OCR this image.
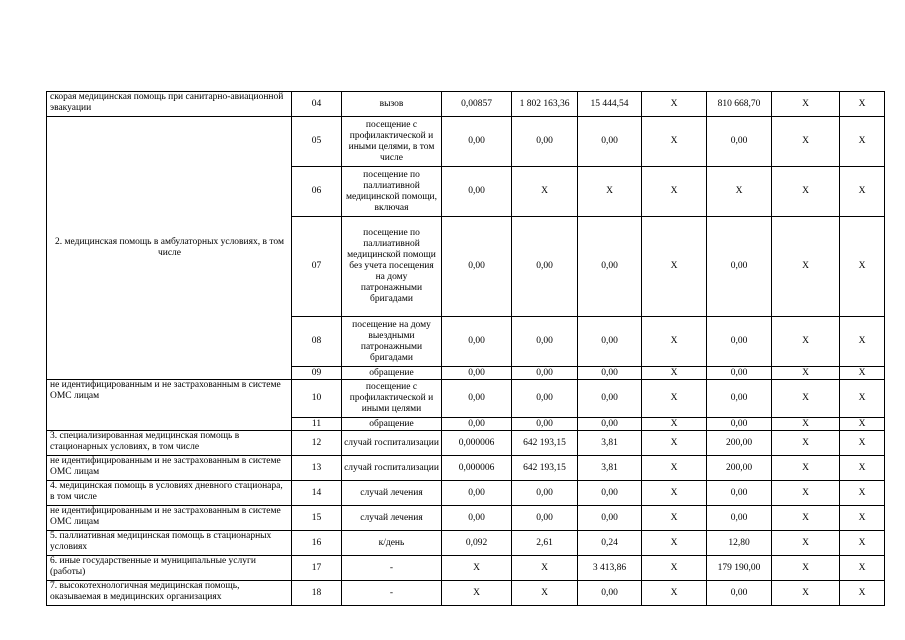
скорая медицинская помощь при санитарно-авиационной эвакуации	04	вызов	0,00857	1 802 163,36	15 444,54	X	810 668,70	X	X
2. медицинская помощь в амбулаторных условиях, в том числе	05	посещение с профилактической и иными целями, в том числе	0,00	0,00	0,00	X	0,00	X	X
	06	посещение по паллиативной медицинской помощи, включая	0,00	X	X	X	X	X	X
	07	посещение по паллиативной медицинской помощи без учета посещения на дому патронажными бригадами	0,00	0,00	0,00	X	0,00	X	X
	08	посещение на дому выездными патронажными бригадами	0,00	0,00	0,00	X	0,00	X	X
	09	обращение	0,00	0,00	0,00	X	0,00	X	X
не идентифицированным и не застрахованным в системе ОМС лицам	10	посещение с профилактической и иными целями	0,00	0,00	0,00	X	0,00	X	X
	11	обращение	0,00	0,00	0,00	X	0,00	X	X
3. специализированная медицинская помощь в стационарных условиях, в том числе	12	случай госпитализации	0,000006	642 193,15	3,81	X	200,00	X	X
не идентифицированным и не застрахованным в системе ОМС лицам	13	случай госпитализации	0,000006	642 193,15	3,81	X	200,00	X	X
4. медицинская помощь в условиях дневного стационара, в том числе	14	случай лечения	0,00	0,00	0,00	X	0,00	X	X
не идентифицированным и не застрахованным в системе ОМС лицам	15	случай лечения	0,00	0,00	0,00	X	0,00	X	X
5. паллиативная медицинская помощь в стационарных условиях	16	к/день	0,092	2,61	0,24	X	12,80	X	X
6. иные государственные и муниципальные услуги (работы)	17	-	X	X	3 413,86	X	179 190,00	X	X
7. высокотехнологичная медицинская помощь, оказываемая в медицинских организациях	18	-	X	X	0,00	X	0,00	X	X
